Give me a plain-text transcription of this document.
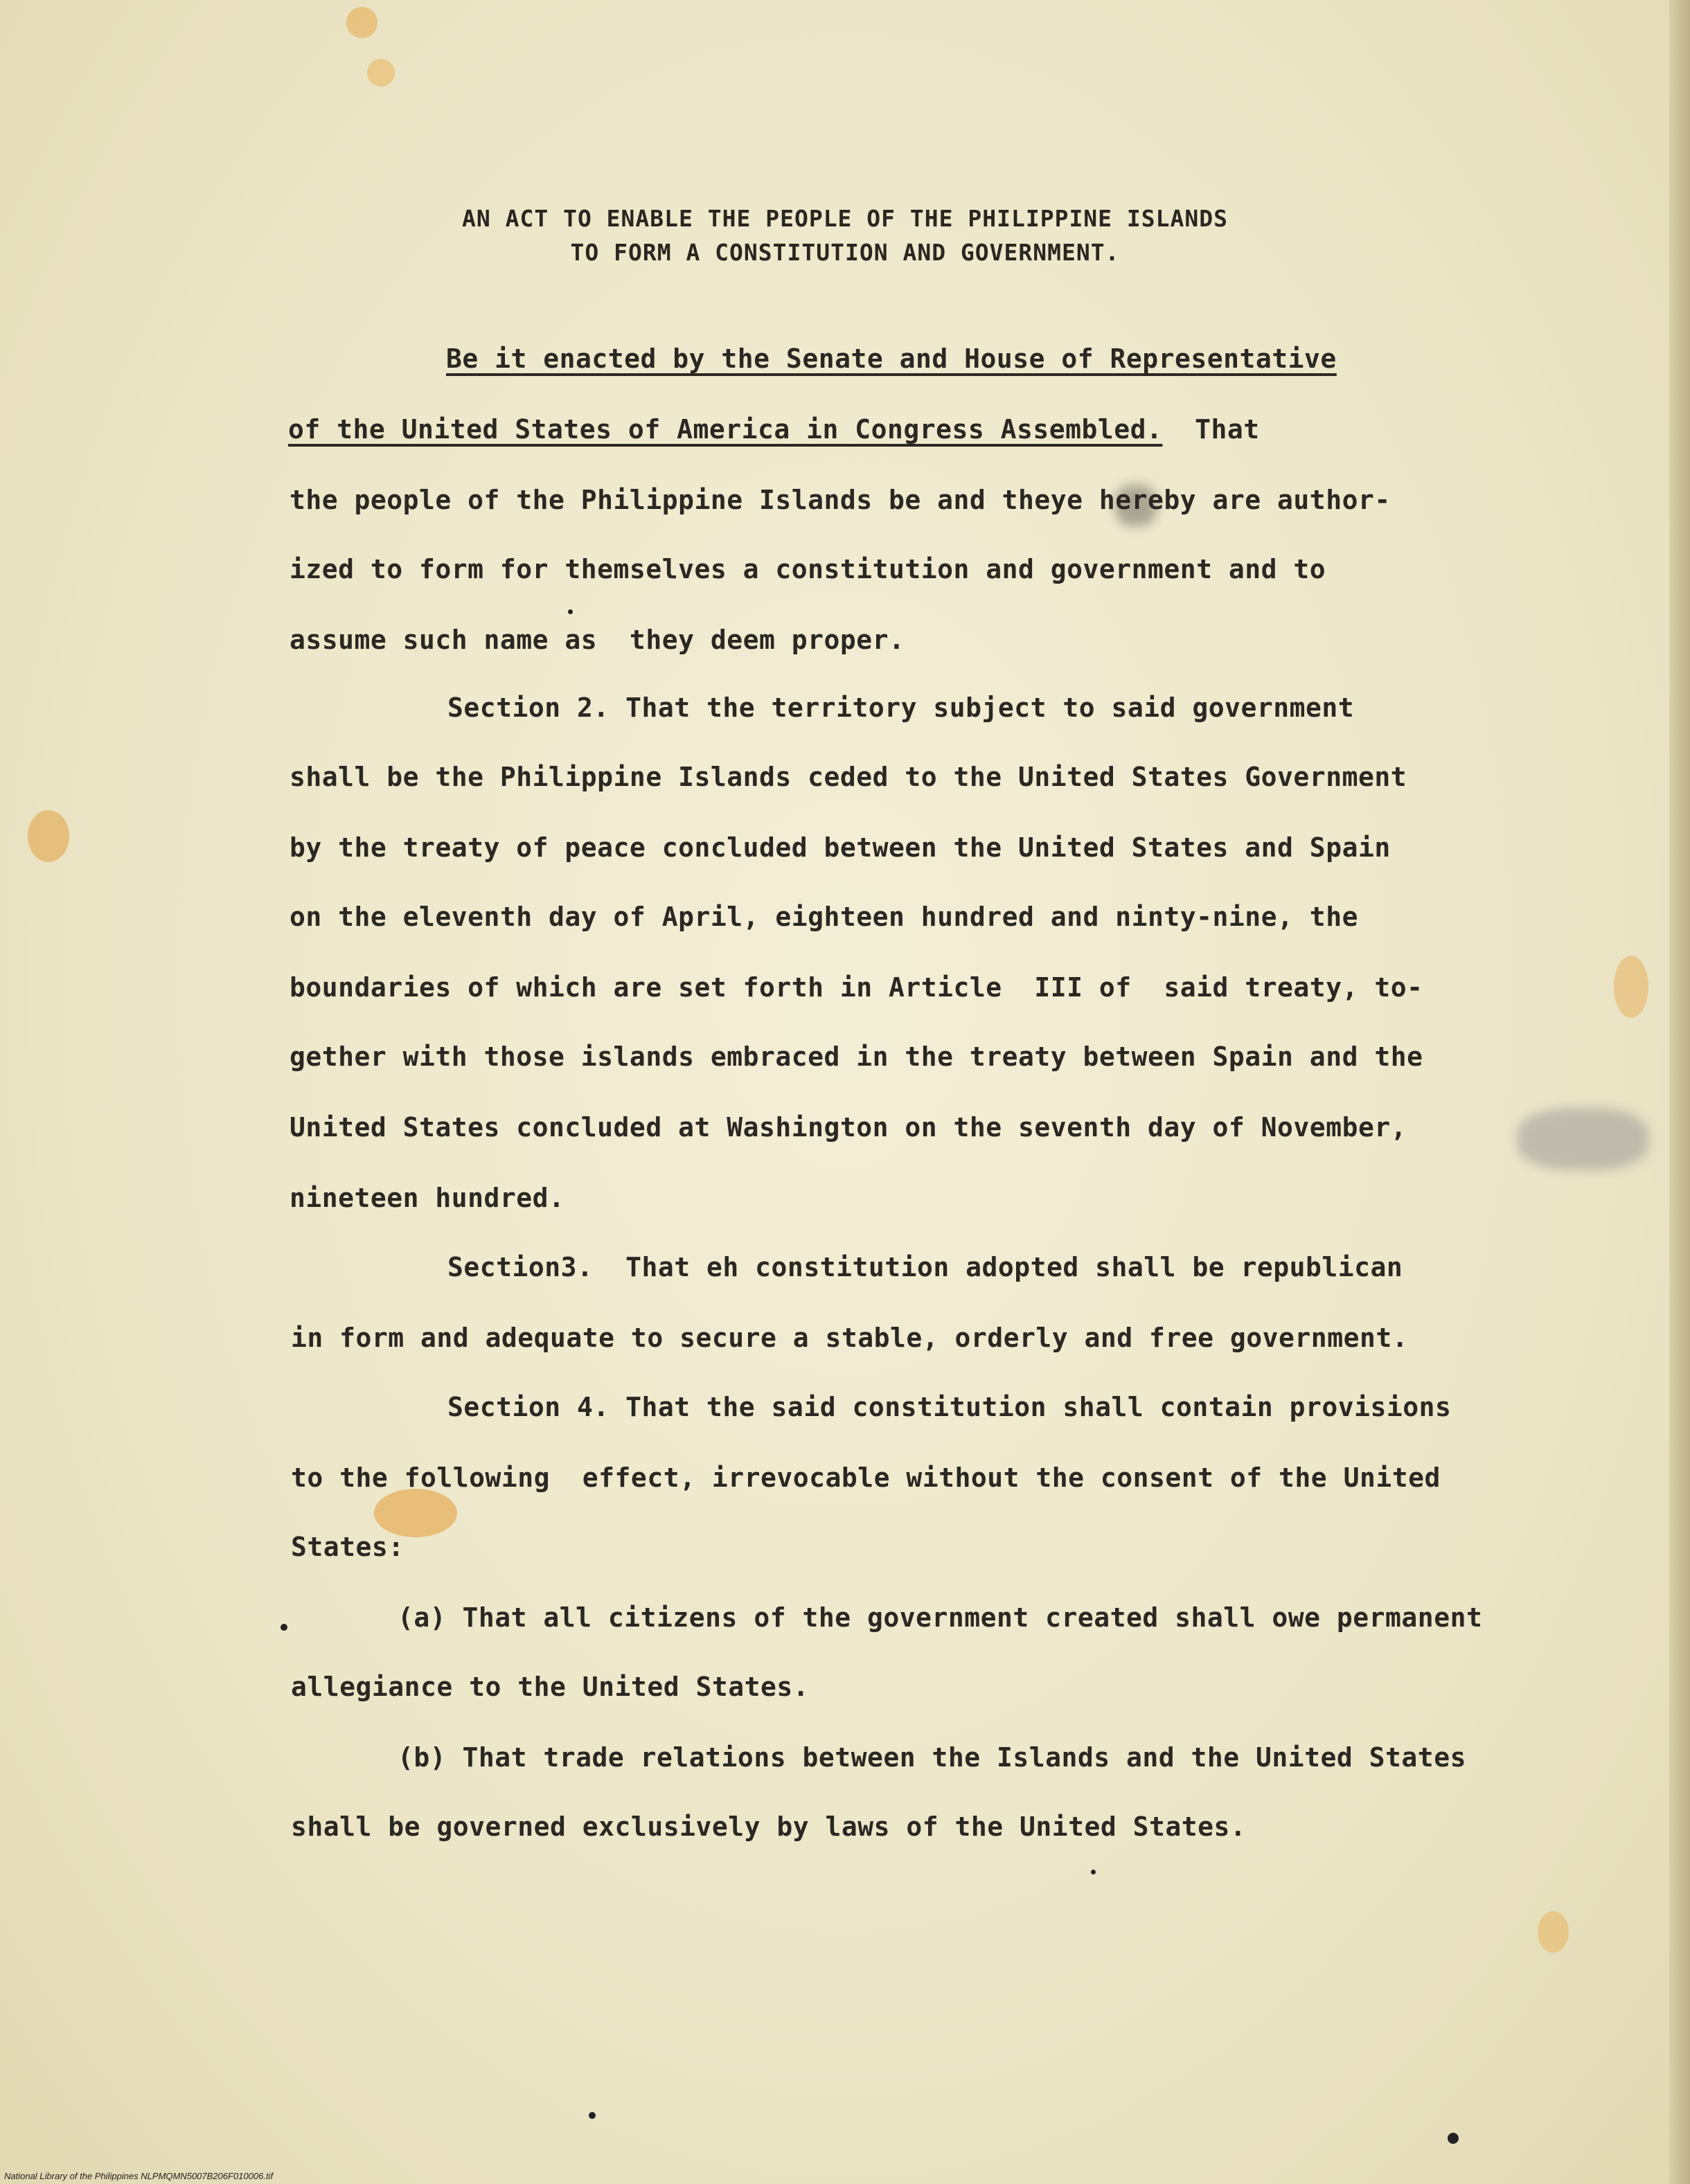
AN ACT TO ENABLE THE PEOPLE OF THE PHILIPPINE ISLANDS

TO FORM A CONSTITUTION AND GOVERNMENT.

Be it enacted by the Senate and House of Representative

of the United States of America in Congress Assembled.  That

the people of the Philippine Islands be and theye hereby are author-

ized to form for themselves a constitution and government and to

assume such name as  they deem proper.

Section 2. That the territory subject to said government

shall be the Philippine Islands ceded to the United States Government

by the treaty of peace concluded between the United States and Spain

on the eleventh day of April, eighteen hundred and ninty-nine, the

boundaries of which are set forth in Article  III of  said treaty, to-

gether with those islands embraced in the treaty between Spain and the

United States concluded at Washington on the seventh day of November,

nineteen hundred.

Section3.  That eh constitution adopted shall be republican

in form and adequate to secure a stable, orderly and free government.

Section 4. That the said constitution shall contain provisions

to the following  effect, irrevocable without the consent of the United

States:

(a) That all citizens of the government created shall owe permanent

allegiance to the United States.

(b) That trade relations between the Islands and the United States

shall be governed exclusively by laws of the United States.

National Library of the Philippines NLPMQMN5007B206F010006.tif
